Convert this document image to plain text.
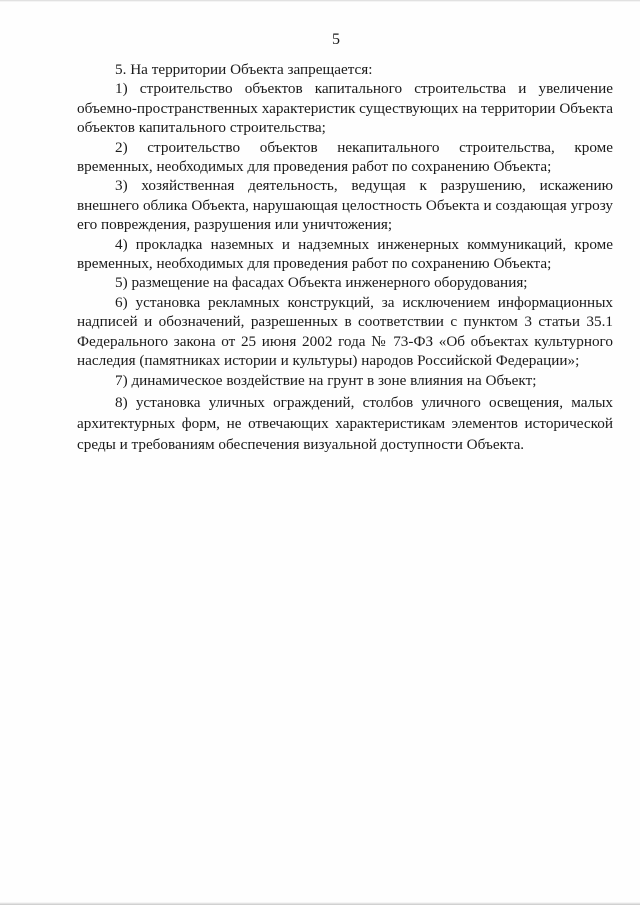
5

5. На территории Объекта запрещается:

1) строительство объектов капитального строительства и увеличение объемно-пространственных характеристик существующих на территории Объекта объектов капитального строительства;

2) строительство объектов некапитального строительства, кроме временных, необходимых для проведения работ по сохранению Объекта;

3) хозяйственная деятельность, ведущая к разрушению, искажению внешнего облика Объекта, нарушающая целостность Объекта и создающая угрозу его повреждения, разрушения или уничтожения;

4) прокладка наземных и надземных инженерных коммуникаций, кроме временных, необходимых для проведения работ по сохранению Объекта;

5) размещение на фасадах Объекта инженерного оборудования;

6) установка рекламных конструкций, за исключением информационных надписей и обозначений, разрешенных в соответствии с пунктом 3 статьи 35.1 Федерального закона от 25 июня 2002 года № 73-ФЗ «Об объектах культурного наследия (памятниках истории и культуры) народов Российской Федерации»;

7) динамическое воздействие на грунт в зоне влияния на Объект;

8) установка уличных ограждений, столбов уличного освещения, малых архитектурных форм, не отвечающих характеристикам элементов исторической среды и требованиям обеспечения визуальной доступности Объекта.
